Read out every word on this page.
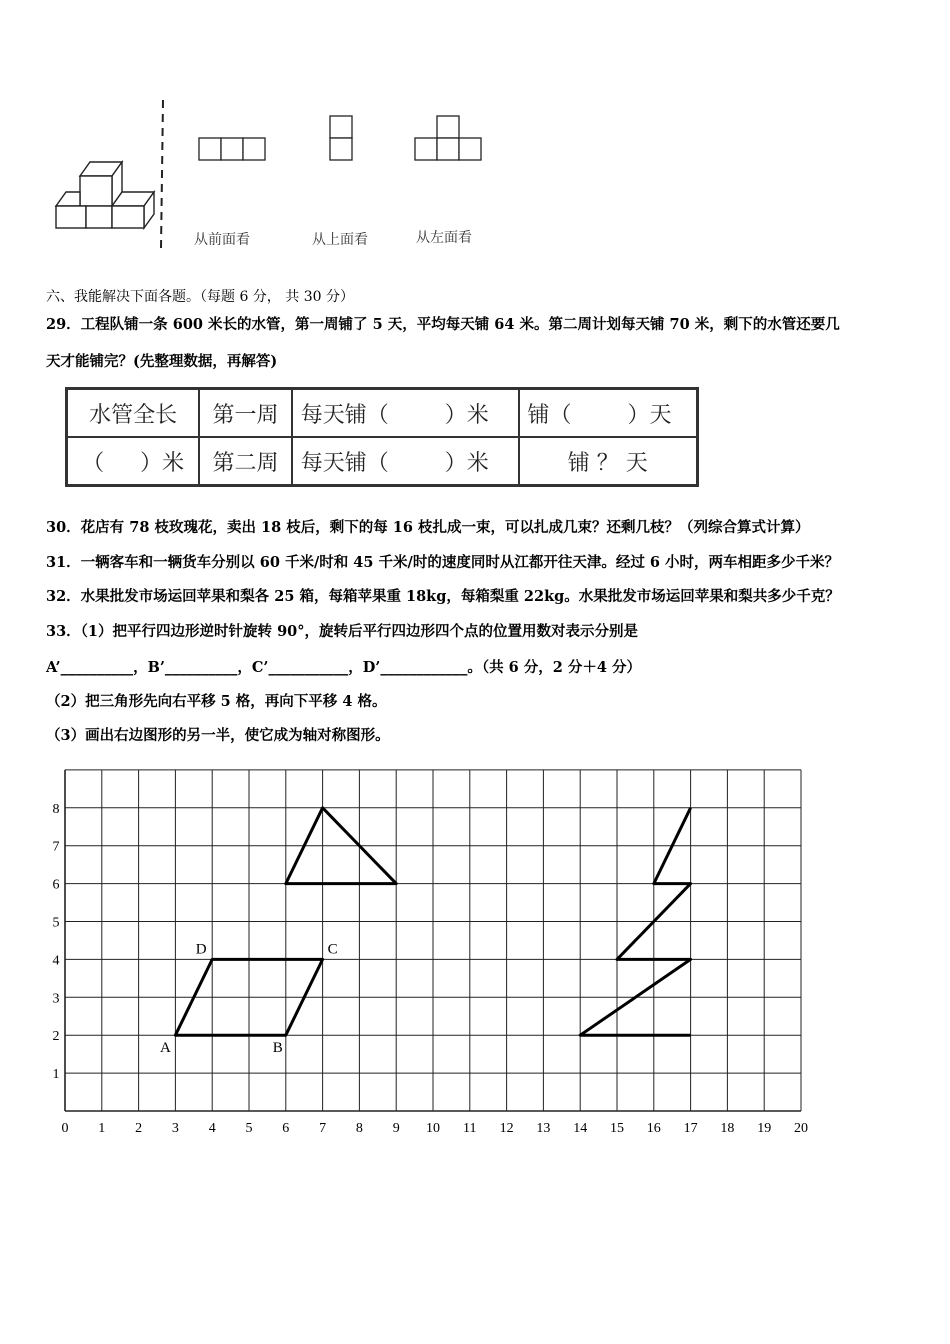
从前面看	从上面看	从左面看
六、我能解决下面各题。（每题 6 分， 共 30 分）
29．工程队铺一条 600 米长的水管，第一周铺了 5 天，平均每天铺 64 米。第二周计划每天铺 70 米，剩下的水管还要几
天才能铺完？(先整理数据，再解答)
水管全长	第一周	每天铺（ ）米	铺（ ）天
（ ）米	第二周	每天铺（ ）米	铺 ？ 天
30．花店有 78 枝玫瑰花，卖出 18 枝后，剩下的每 16 枝扎成一束，可以扎成几束？还剩几枝？（列综合算式计算）
31．一辆客车和一辆货车分别以 60 千米/时和 45 千米/时的速度同时从江都开往天津。经过 6 小时，两车相距多少千米？
32．水果批发市场运回苹果和梨各 25 箱，每箱苹果重 18kg，每箱梨重 22kg。水果批发市场运回苹果和梨共多少千克？
33．（1）把平行四边形逆时针旋转 90°，旋转后平行四边形四个点的位置用数对表示分别是
A’__________，B’__________，C’___________，D’____________。（共 6 分，2 分＋4 分）
（2）把三角形先向右平移 5 格，再向下平移 4 格。
（3）画出右边图形的另一半，使它成为轴对称图形。
0 1 2 3 4 5 6 7 8 9 10 11 12 13 14 15 16 17 18 19 20
1
2
3
4
5
6
7
8
A	B
C
D
